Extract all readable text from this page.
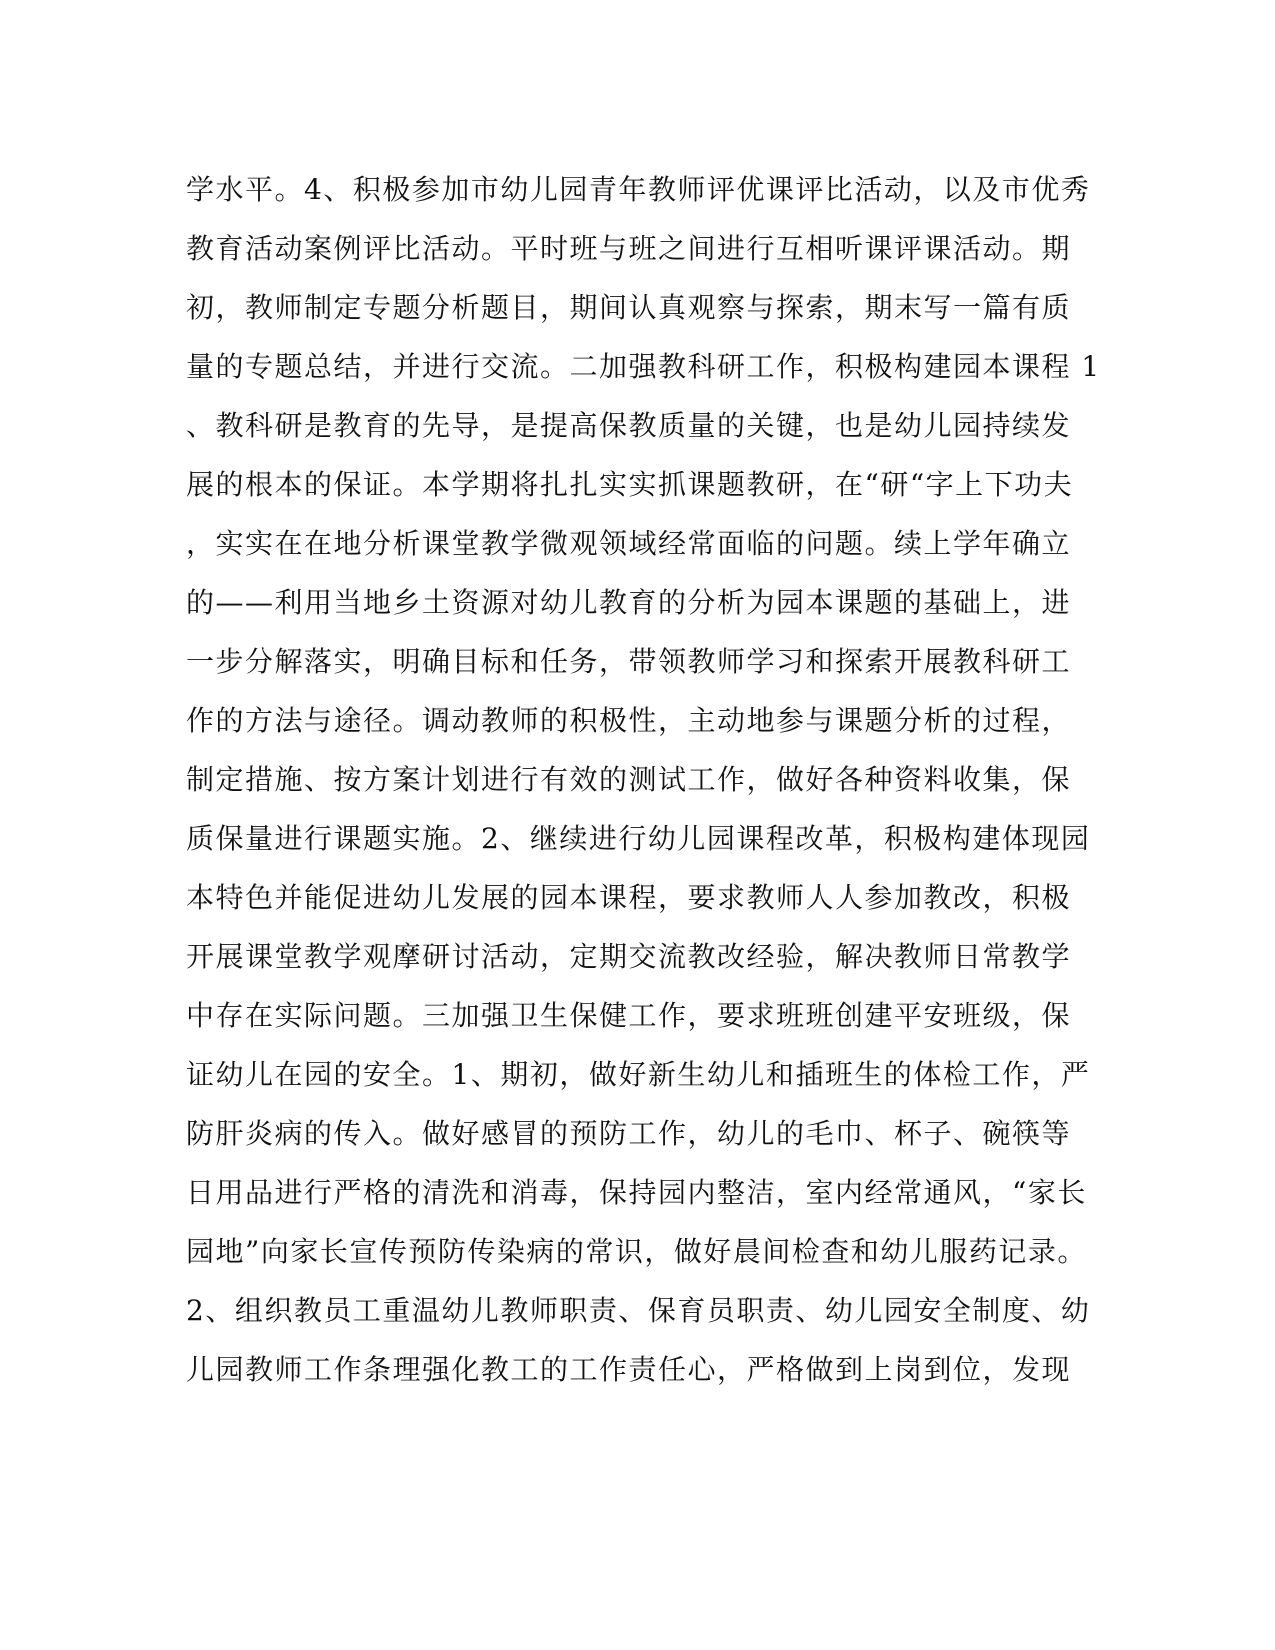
学水平。4、积极参加市幼儿园青年教师评优课评比活动，以及市优秀
教育活动案例评比活动。平时班与班之间进行互相听课评课活动。期
初，教师制定专题分析题目，期间认真观察与探索，期末写一篇有质
量的专题总结，并进行交流。二加强教科研工作，积极构建园本课程 1
、教科研是教育的先导，是提高保教质量的关键，也是幼儿园持续发
展的根本的保证。本学期将扎扎实实抓课题教研，在“研“字上下功夫
，实实在在地分析课堂教学微观领域经常面临的问题。续上学年确立
的——利用当地乡土资源对幼儿教育的分析为园本课题的基础上，进
一步分解落实，明确目标和任务，带领教师学习和探索开展教科研工
作的方法与途径。调动教师的积极性，主动地参与课题分析的过程，
制定措施、按方案计划进行有效的测试工作，做好各种资料收集，保
质保量进行课题实施。2、继续进行幼儿园课程改革，积极构建体现园
本特色并能促进幼儿发展的园本课程，要求教师人人参加教改，积极
开展课堂教学观摩研讨活动，定期交流教改经验，解决教师日常教学
中存在实际问题。三加强卫生保健工作，要求班班创建平安班级，保
证幼儿在园的安全。1、期初，做好新生幼儿和插班生的体检工作，严
防肝炎病的传入。做好感冒的预防工作，幼儿的毛巾、杯子、碗筷等
日用品进行严格的清洗和消毒，保持园内整洁，室内经常通风，“家长
园地”向家长宣传预防传染病的常识，做好晨间检查和幼儿服药记录。
2、组织教员工重温幼儿教师职责、保育员职责、幼儿园安全制度、幼
儿园教师工作条理强化教工的工作责任心，严格做到上岗到位，发现
